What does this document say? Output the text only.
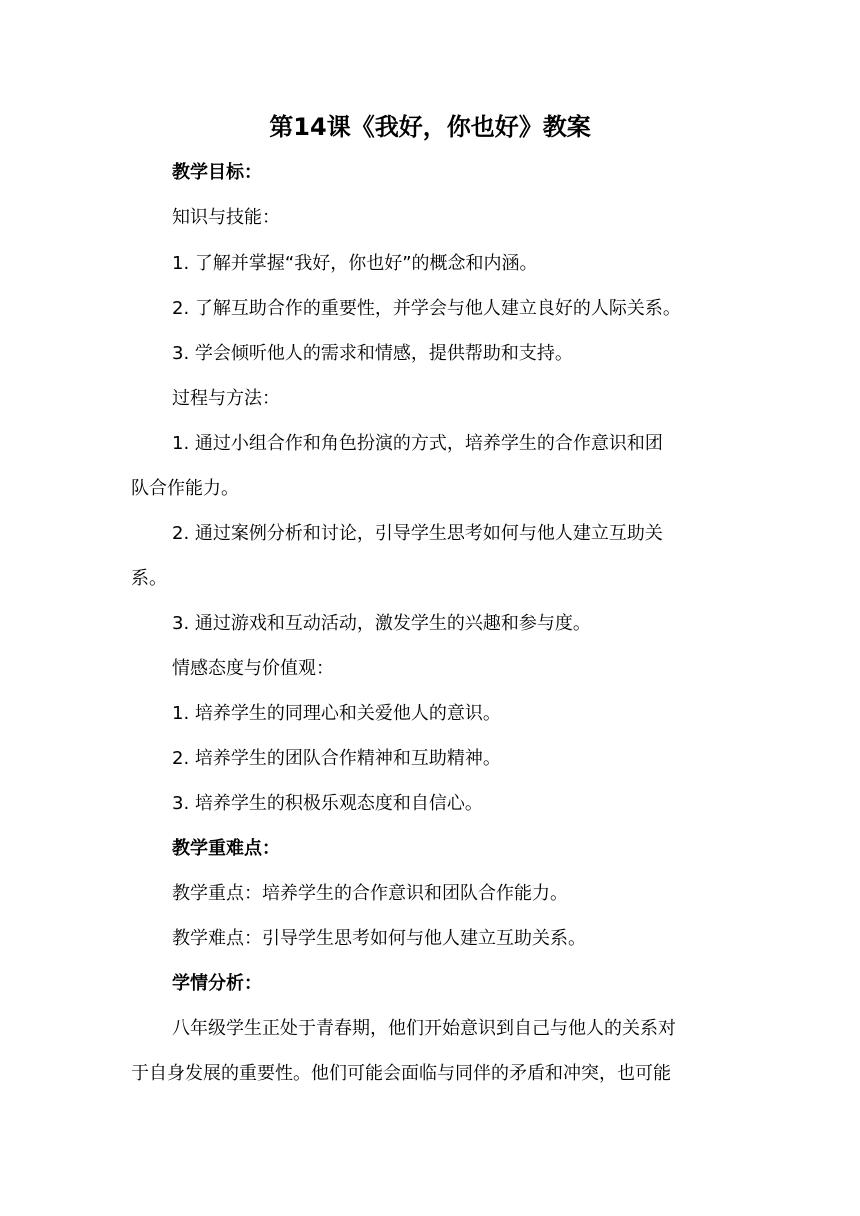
第14课《我好，你也好》教案
教学目标：
知识与技能：
1. 了解并掌握“我好，你也好”的概念和内涵。
2. 了解互助合作的重要性，并学会与他人建立良好的人际关系。
3. 学会倾听他人的需求和情感，提供帮助和支持。
过程与方法：
1. 通过小组合作和角色扮演的方式，培养学生的合作意识和团
队合作能力。
2. 通过案例分析和讨论，引导学生思考如何与他人建立互助关
系。
3. 通过游戏和互动活动，激发学生的兴趣和参与度。
情感态度与价值观：
1. 培养学生的同理心和关爱他人的意识。
2. 培养学生的团队合作精神和互助精神。
3. 培养学生的积极乐观态度和自信心。
教学重难点：
教学重点：培养学生的合作意识和团队合作能力。
教学难点：引导学生思考如何与他人建立互助关系。
学情分析：
八年级学生正处于青春期，他们开始意识到自己与他人的关系对
于自身发展的重要性。他们可能会面临与同伴的矛盾和冲突，也可能
